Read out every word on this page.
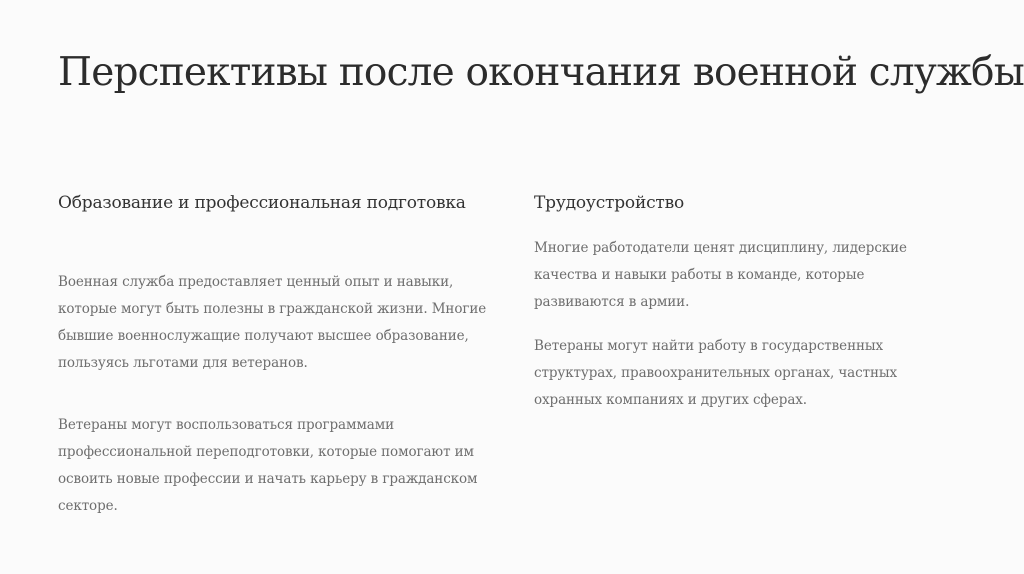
Перспективы после окончания военной службы
Образование и профессиональная подготовка

Военная служба предоставляет ценный опыт и навыки, которые могут быть полезны в гражданской жизни. Многие бывшие военнослужащие получают высшее образование, пользуясь льготами для ветеранов.

Ветераны могут воспользоваться программами профессиональной переподготовки, которые помогают им освоить новые профессии и начать карьеру в гражданском секторе.

Трудоустройство

Многие работодатели ценят дисциплину, лидерские качества и навыки работы в команде, которые развиваются в армии.

Ветераны могут найти работу в государственных структурах, правоохранительных органах, частных охранных компаниях и других сферах.
